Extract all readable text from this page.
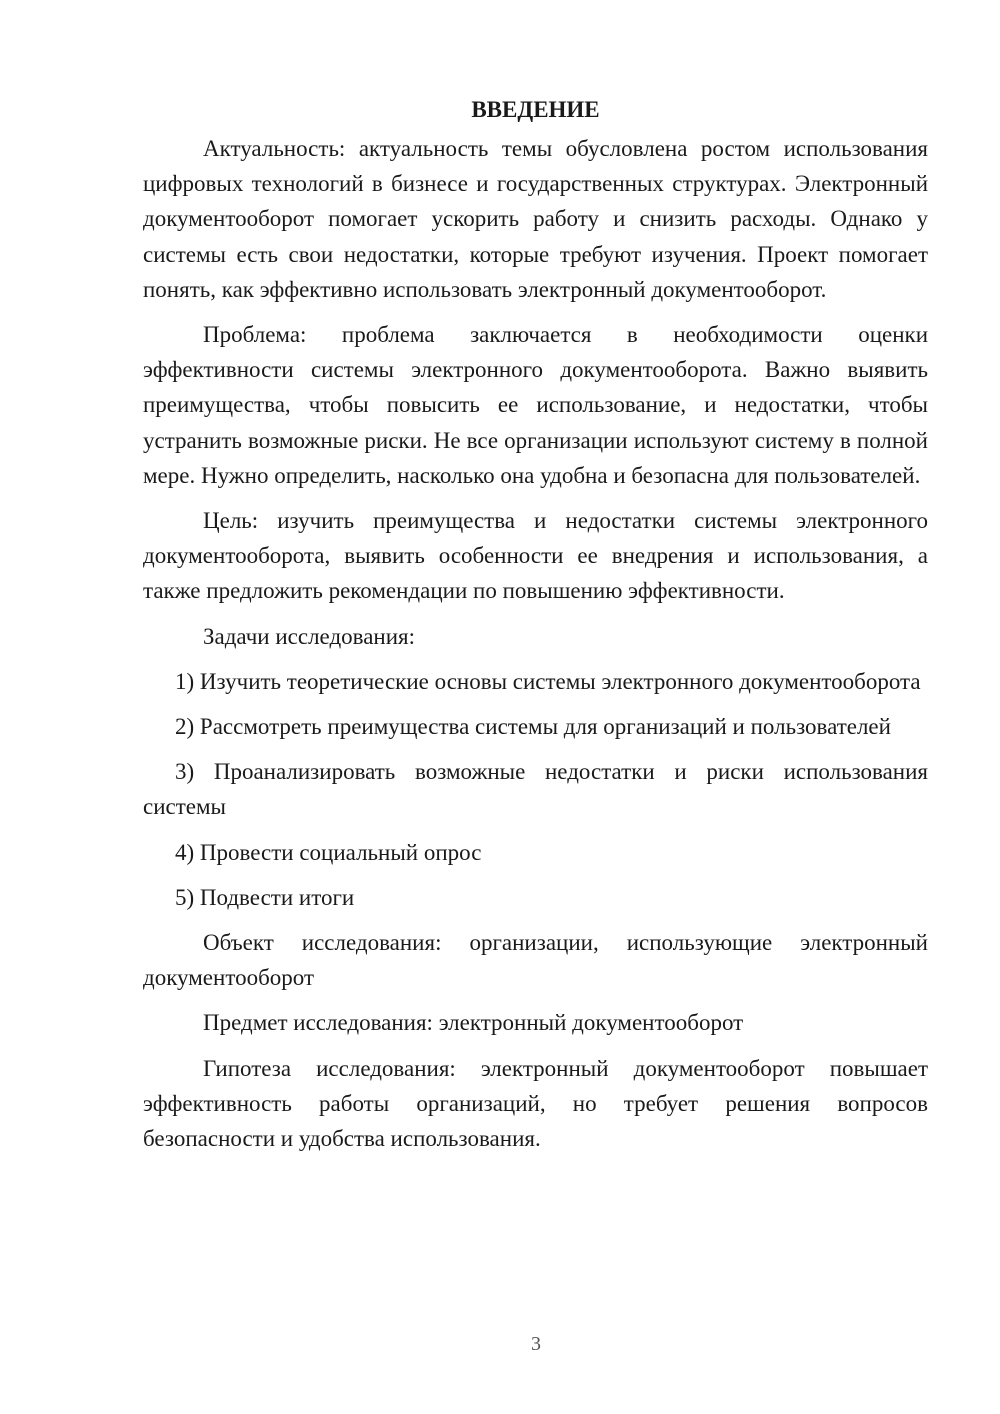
ВВЕДЕНИЕ

Актуальность: актуальность темы обусловлена ростом использования цифровых технологий в бизнесе и государственных структурах. Электронный документооборот помогает ускорить работу и снизить расходы. Однако у системы есть свои недостатки, которые требуют изучения. Проект помогает понять, как эффективно использовать электронный документооборот.

Проблема: проблема заключается в необходимости оценки эффективности системы электронного документооборота. Важно выявить преимущества, чтобы повысить ее использование, и недостатки, чтобы устранить возможные риски. Не все организации используют систему в полной мере. Нужно определить, насколько она удобна и безопасна для пользователей.

Цель: изучить преимущества и недостатки системы электронного документооборота, выявить особенности ее внедрения и использования, а также предложить рекомендации по повышению эффективности.

Задачи исследования:

1) Изучить теоретические основы системы электронного документооборота

2) Рассмотреть преимущества системы для организаций и пользователей

3) Проанализировать возможные недостатки и риски использования системы

4) Провести социальный опрос

5) Подвести итоги

Объект исследования: организации, использующие электронный документооборот

Предмет исследования: электронный документооборот

Гипотеза исследования: электронный документооборот повышает эффективность работы организаций, но требует решения вопросов безопасности и удобства использования.

3
